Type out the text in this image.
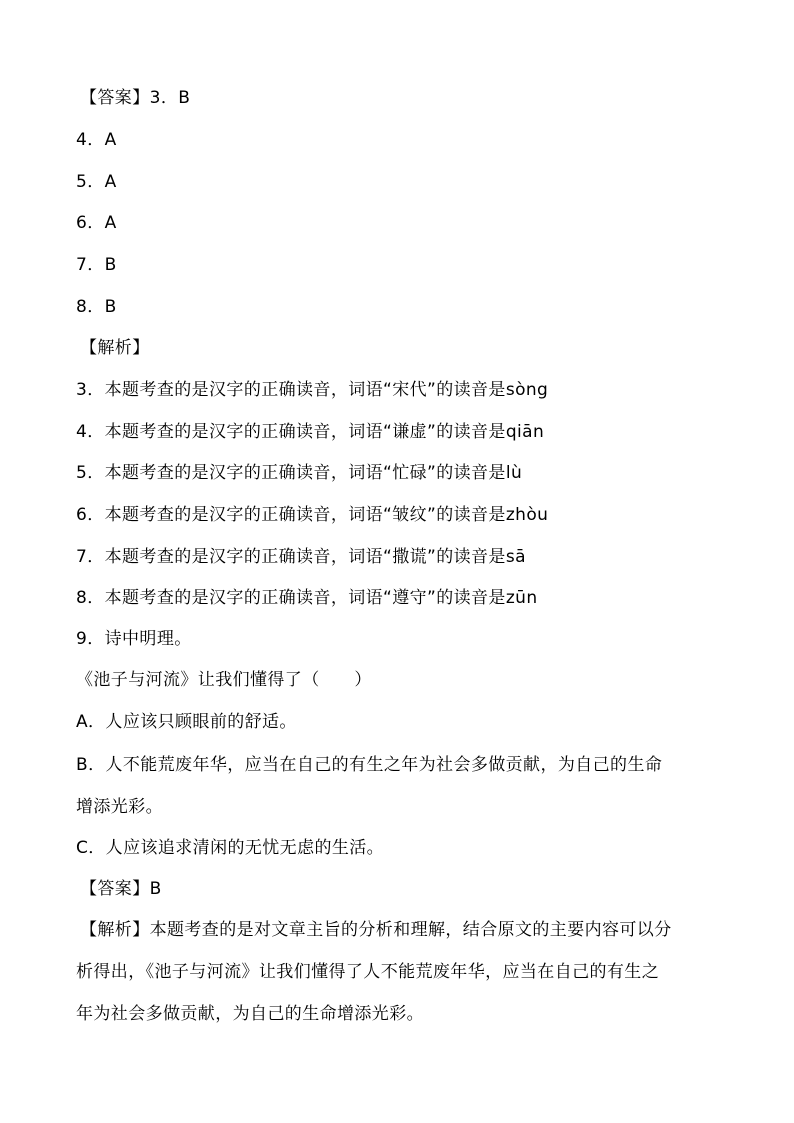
【答案】3．B
4．A
5．A
6．A
7．B
8．B
【解析】
3．本题考查的是汉字的正确读音，词语“宋代”的读音是sòng
4．本题考查的是汉字的正确读音，词语“谦虚”的读音是qiān
5．本题考查的是汉字的正确读音，词语“忙碌”的读音是lù
6．本题考查的是汉字的正确读音，词语“皱纹”的读音是zhòu
7．本题考查的是汉字的正确读音，词语“撒谎”的读音是sā
8．本题考查的是汉字的正确读音，词语“遵守”的读音是zūn
9．诗中明理。
《池子与河流》让我们懂得了（　　）
A．人应该只顾眼前的舒适。
B．人不能荒废年华，应当在自己的有生之年为社会多做贡献，为自己的生命
增添光彩。
C．人应该追求清闲的无忧无虑的生活。
【答案】B
【解析】本题考查的是对文章主旨的分析和理解，结合原文的主要内容可以分
析得出，《池子与河流》让我们懂得了人不能荒废年华，应当在自己的有生之
年为社会多做贡献，为自己的生命增添光彩。
